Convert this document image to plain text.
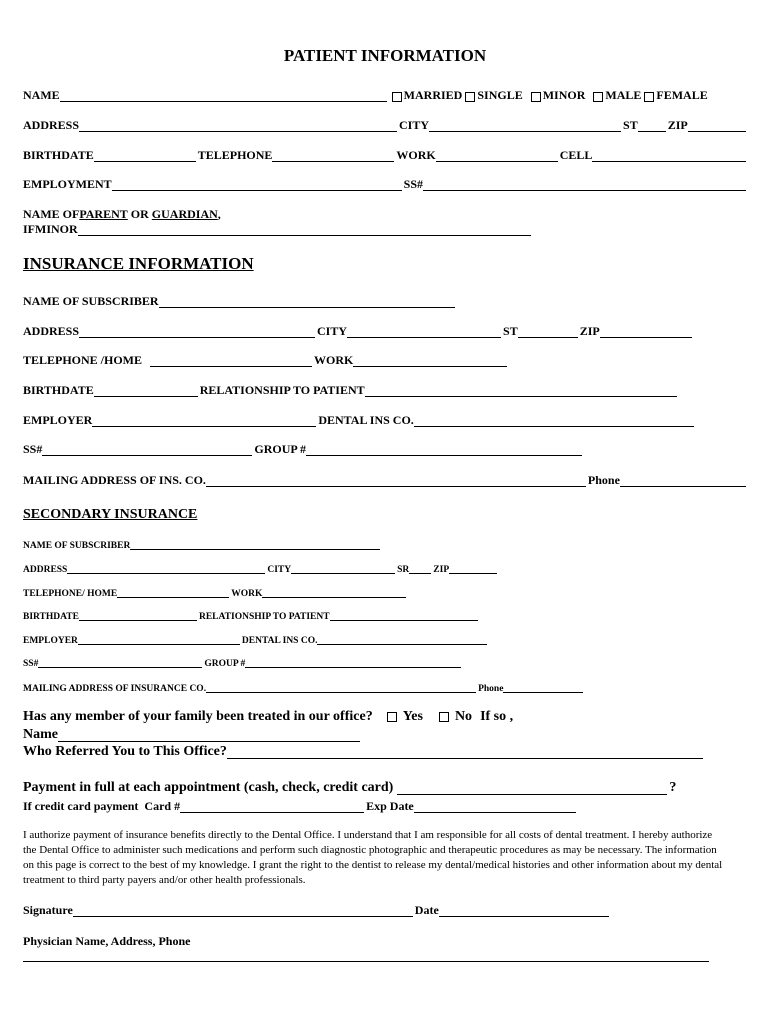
PATIENT INFORMATION
NAME	MARRIED SINGLE MINOR MALE FEMALE
ADDRESS	CITY	ST	ZIP
BIRTHDATE	TELEPHONE	WORK	CELL
EMPLOYMENT	SS#
NAME OF PARENT OR GUARDIAN ,
IFMINOR
INSURANCE INFORMATION
NAME OF SUBSCRIBER
ADDRESS	CITY	ST	ZIP
TELEPHONE /HOME	WORK
BIRTHDATE	RELATIONSHIP TO PATIENT
EMPLOYER	DENTAL INS CO.
SS#	GROUP #
MAILING ADDRESS OF INS. CO.	Phone
SECONDARY INSURANCE
NAME OF SUBSCRIBER
ADDRESS	CITY	SR	ZIP
TELEPHONE/ HOME	WORK
BIRTHDATE	RELATIONSHIP TO PATIENT
EMPLOYER	DENTAL INS CO.
SS#	GROUP #
MAILING ADDRESS OF INSURANCE CO.	Phone
Has any member of your family been treated in our office? Yes No If so ,
Name
Who Referred You to This Office?
Payment in full at each appointment (cash, check, credit card)	?
If credit card payment  Card #	Exp Date
I authorize payment of insurance benefits directly to the Dental Office. I understand that I am responsible for all costs of dental treatment. I hereby authorize the Dental Office to administer such medications and perform such diagnostic photographic and therapeutic procedures as may be necessary. The information on this page is correct to the best of my knowledge. I grant the right to the dentist to release my dental/medical histories and other information about my dental treatment to third party payers and/or other health professionals.
Signature	Date
Physician Name, Address, Phone
